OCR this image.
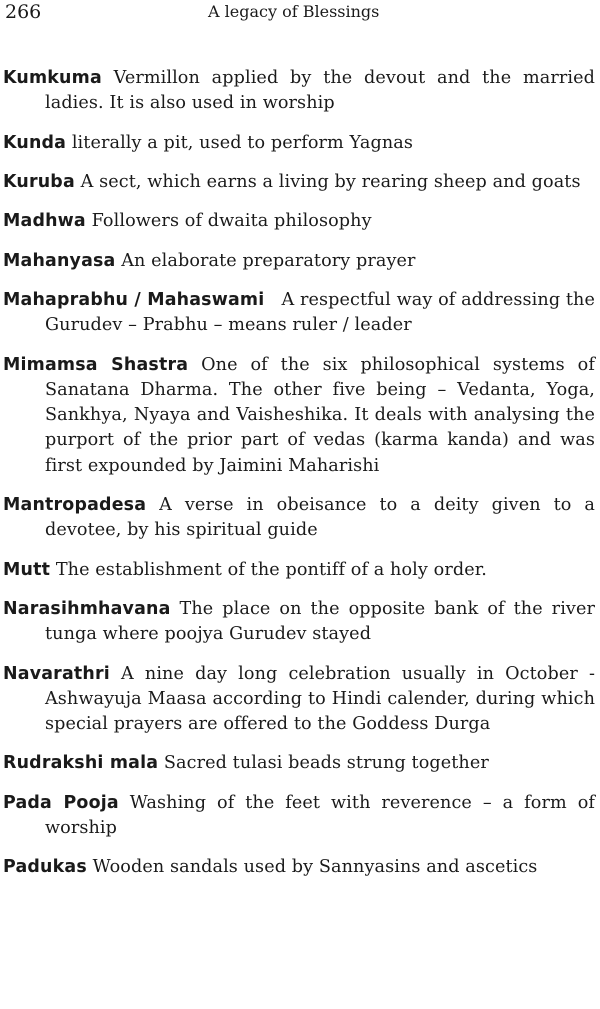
266	A legacy of Blessings

Kumkuma Vermillon applied by the devout and the married ladies. It is also used in worship

Kunda literally a pit, used to perform Yagnas

Kuruba A sect, which earns a living by rearing sheep and goats

Madhwa Followers of dwaita philosophy

Mahanyasa An elaborate preparatory prayer

Mahaprabhu / Mahaswami A respectful way of addressing the Gurudev – Prabhu – means ruler / leader

Mimamsa Shastra One of the six philosophical systems of Sanatana Dharma. The other five being – Vedanta, Yoga, Sankhya, Nyaya and Vaisheshika. It deals with analysing the purport of the prior part of vedas (karma kanda) and was first expounded by Jaimini Maharishi

Mantropadesa A verse in obeisance to a deity given to a devotee, by his spiritual guide

Mutt The establishment of the pontiff of a holy order.

Narasihmhavana The place on the opposite bank of the river tunga where poojya Gurudev stayed

Navarathri A nine day long celebration usually in October - Ashwayuja Maasa according to Hindi calender, during which special prayers are offered to the Goddess Durga

Rudrakshi mala Sacred tulasi beads strung together

Pada Pooja Washing of the feet with reverence – a form of worship

Padukas Wooden sandals used by Sannyasins and ascetics
